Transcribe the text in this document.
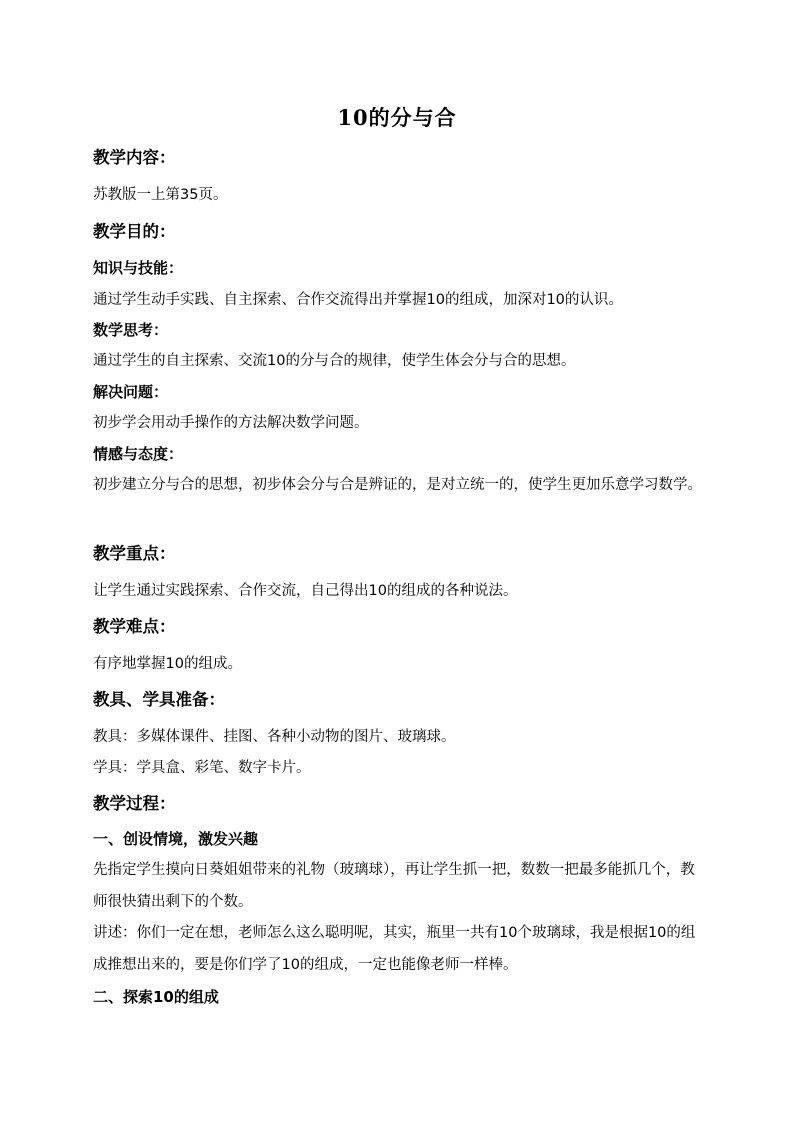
10的分与合
教学内容：
苏教版一上第35页。
教学目的：
知识与技能：
通过学生动手实践、自主探索、合作交流得出并掌握10的组成，加深对10的认识。
数学思考：
通过学生的自主探索、交流10的分与合的规律，使学生体会分与合的思想。
解决问题：
初步学会用动手操作的方法解决数学问题。
情感与态度：
初步建立分与合的思想，初步体会分与合是辨证的，是对立统一的，使学生更加乐意学习数学。
教学重点：
让学生通过实践探索、合作交流，自己得出10的组成的各种说法。
教学难点：
有序地掌握10的组成。
教具、学具准备：
教具：多媒体课件、挂图、各种小动物的图片、玻璃球。
学具：学具盒、彩笔、数字卡片。
教学过程：
一、创设情境，激发兴趣
先指定学生摸向日葵姐姐带来的礼物（玻璃球），再让学生抓一把，数数一把最多能抓几个，教师很快猜出剩下的个数。
讲述：你们一定在想，老师怎么这么聪明呢，其实，瓶里一共有10个玻璃球，我是根据10的组成推想出来的，要是你们学了10的组成，一定也能像老师一样棒。
二、探索10的组成
